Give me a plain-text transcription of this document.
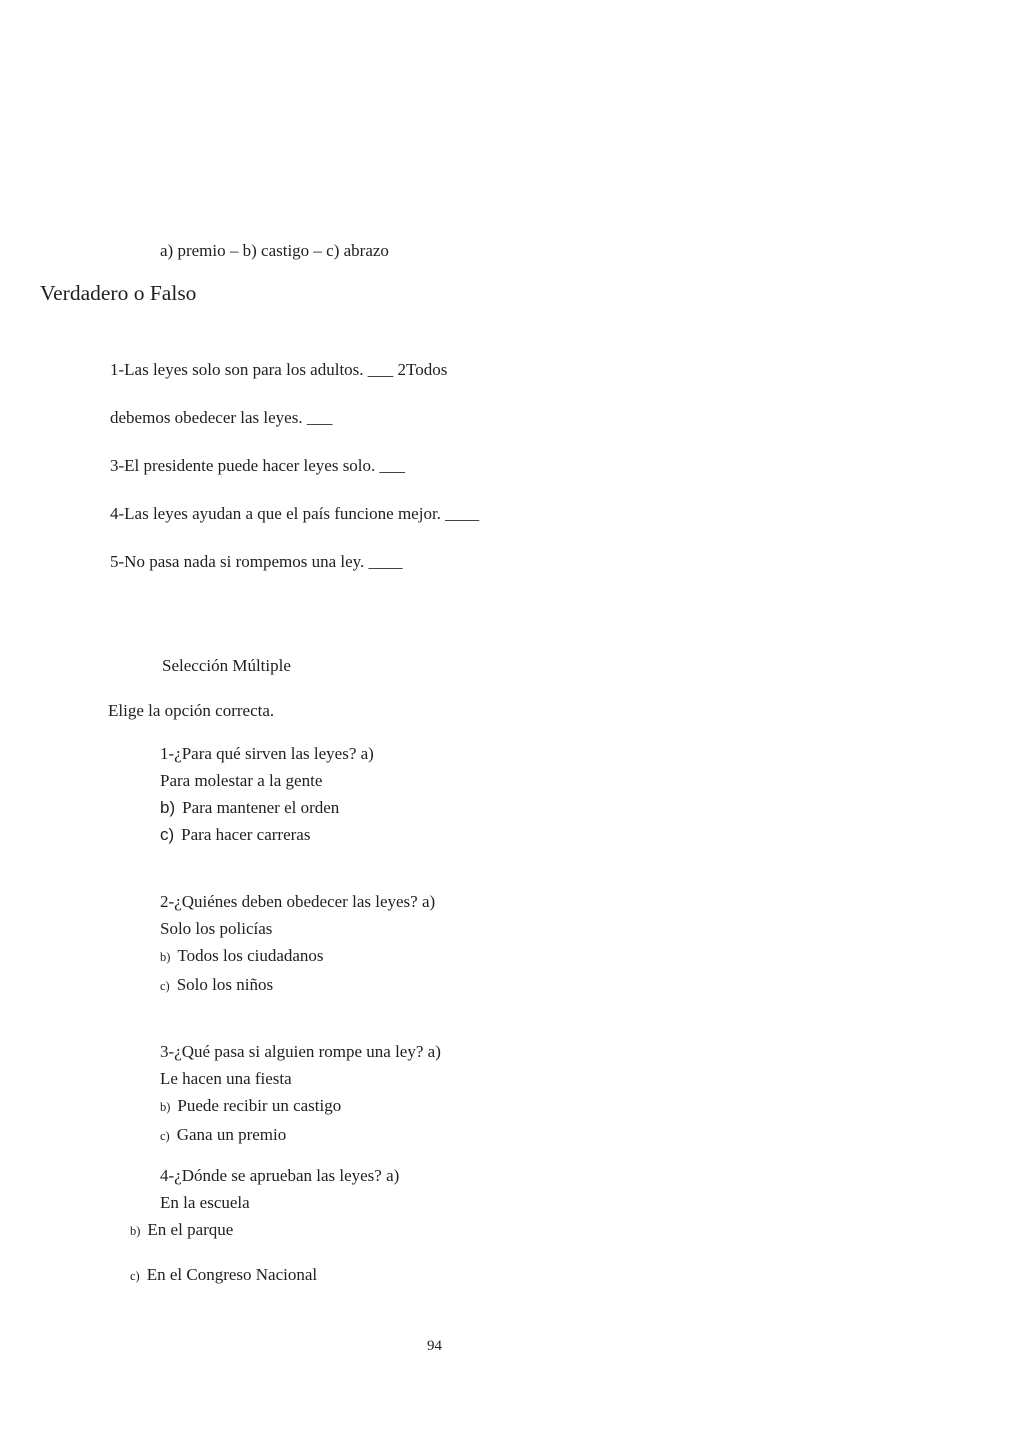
a) premio – b) castigo – c) abrazo
Verdadero o Falso

1-Las leyes solo son para los adultos. ___ 2Todos

debemos obedecer las leyes. ___

3-El presidente puede hacer leyes solo. ___

4-Las leyes ayudan a que el país funcione mejor. ____

5-No pasa nada si rompemos una ley. ____

Selección Múltiple
Elige la opción correcta.
1-¿Para qué sirven las leyes? a)
Para molestar a la gente
b) Para mantener el orden
c) Para hacer carreras
2-¿Quiénes deben obedecer las leyes? a)
Solo los policías
b) Todos los ciudadanos
c) Solo los niños
3-¿Qué pasa si alguien rompe una ley? a)
Le hacen una fiesta
b) Puede recibir un castigo
c) Gana un premio
4-¿Dónde se aprueban las leyes? a)
En la escuela
b) En el parque
c) En el Congreso Nacional
94
